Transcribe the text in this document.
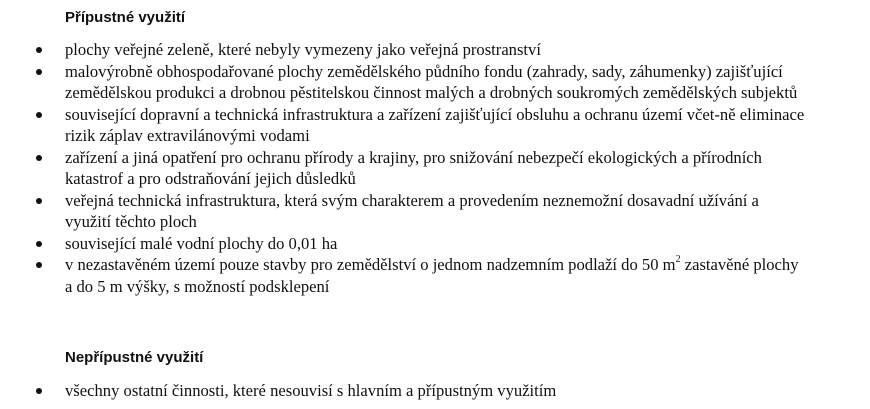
Přípustné využití
plochy veřejné zeleně, které nebyly vymezeny jako veřejná prostranství
malovýrobně obhospodařované plochy zemědělského půdního fondu (zahrady, sady, záhumenky) zajišťující zemědělskou produkci a drobnou pěstitelskou činnost malých a drobných soukromých zemědělských subjektů
související dopravní a technická infrastruktura a zařízení zajišťující obsluhu a ochranu území včet-ně eliminace rizik záplav extravilánovými vodami
zařízení a jiná opatření pro ochranu přírody a krajiny, pro snižování nebezpečí ekologických a přírodních katastrof a pro odstraňování jejich důsledků
veřejná technická infrastruktura, která svým charakterem a provedením neznemožní dosavadní užívání a využití těchto ploch
související malé vodní plochy do 0,01 ha
v nezastavěném území pouze stavby pro zemědělství o jednom nadzemním podlaží do 50 $m^2$ zastavěné plochy a do 5 m výšky, s možností podsklepení
Nepřípustné využití
všechny ostatní činnosti, které nesouvisí s hlavním a přípustným využitím
